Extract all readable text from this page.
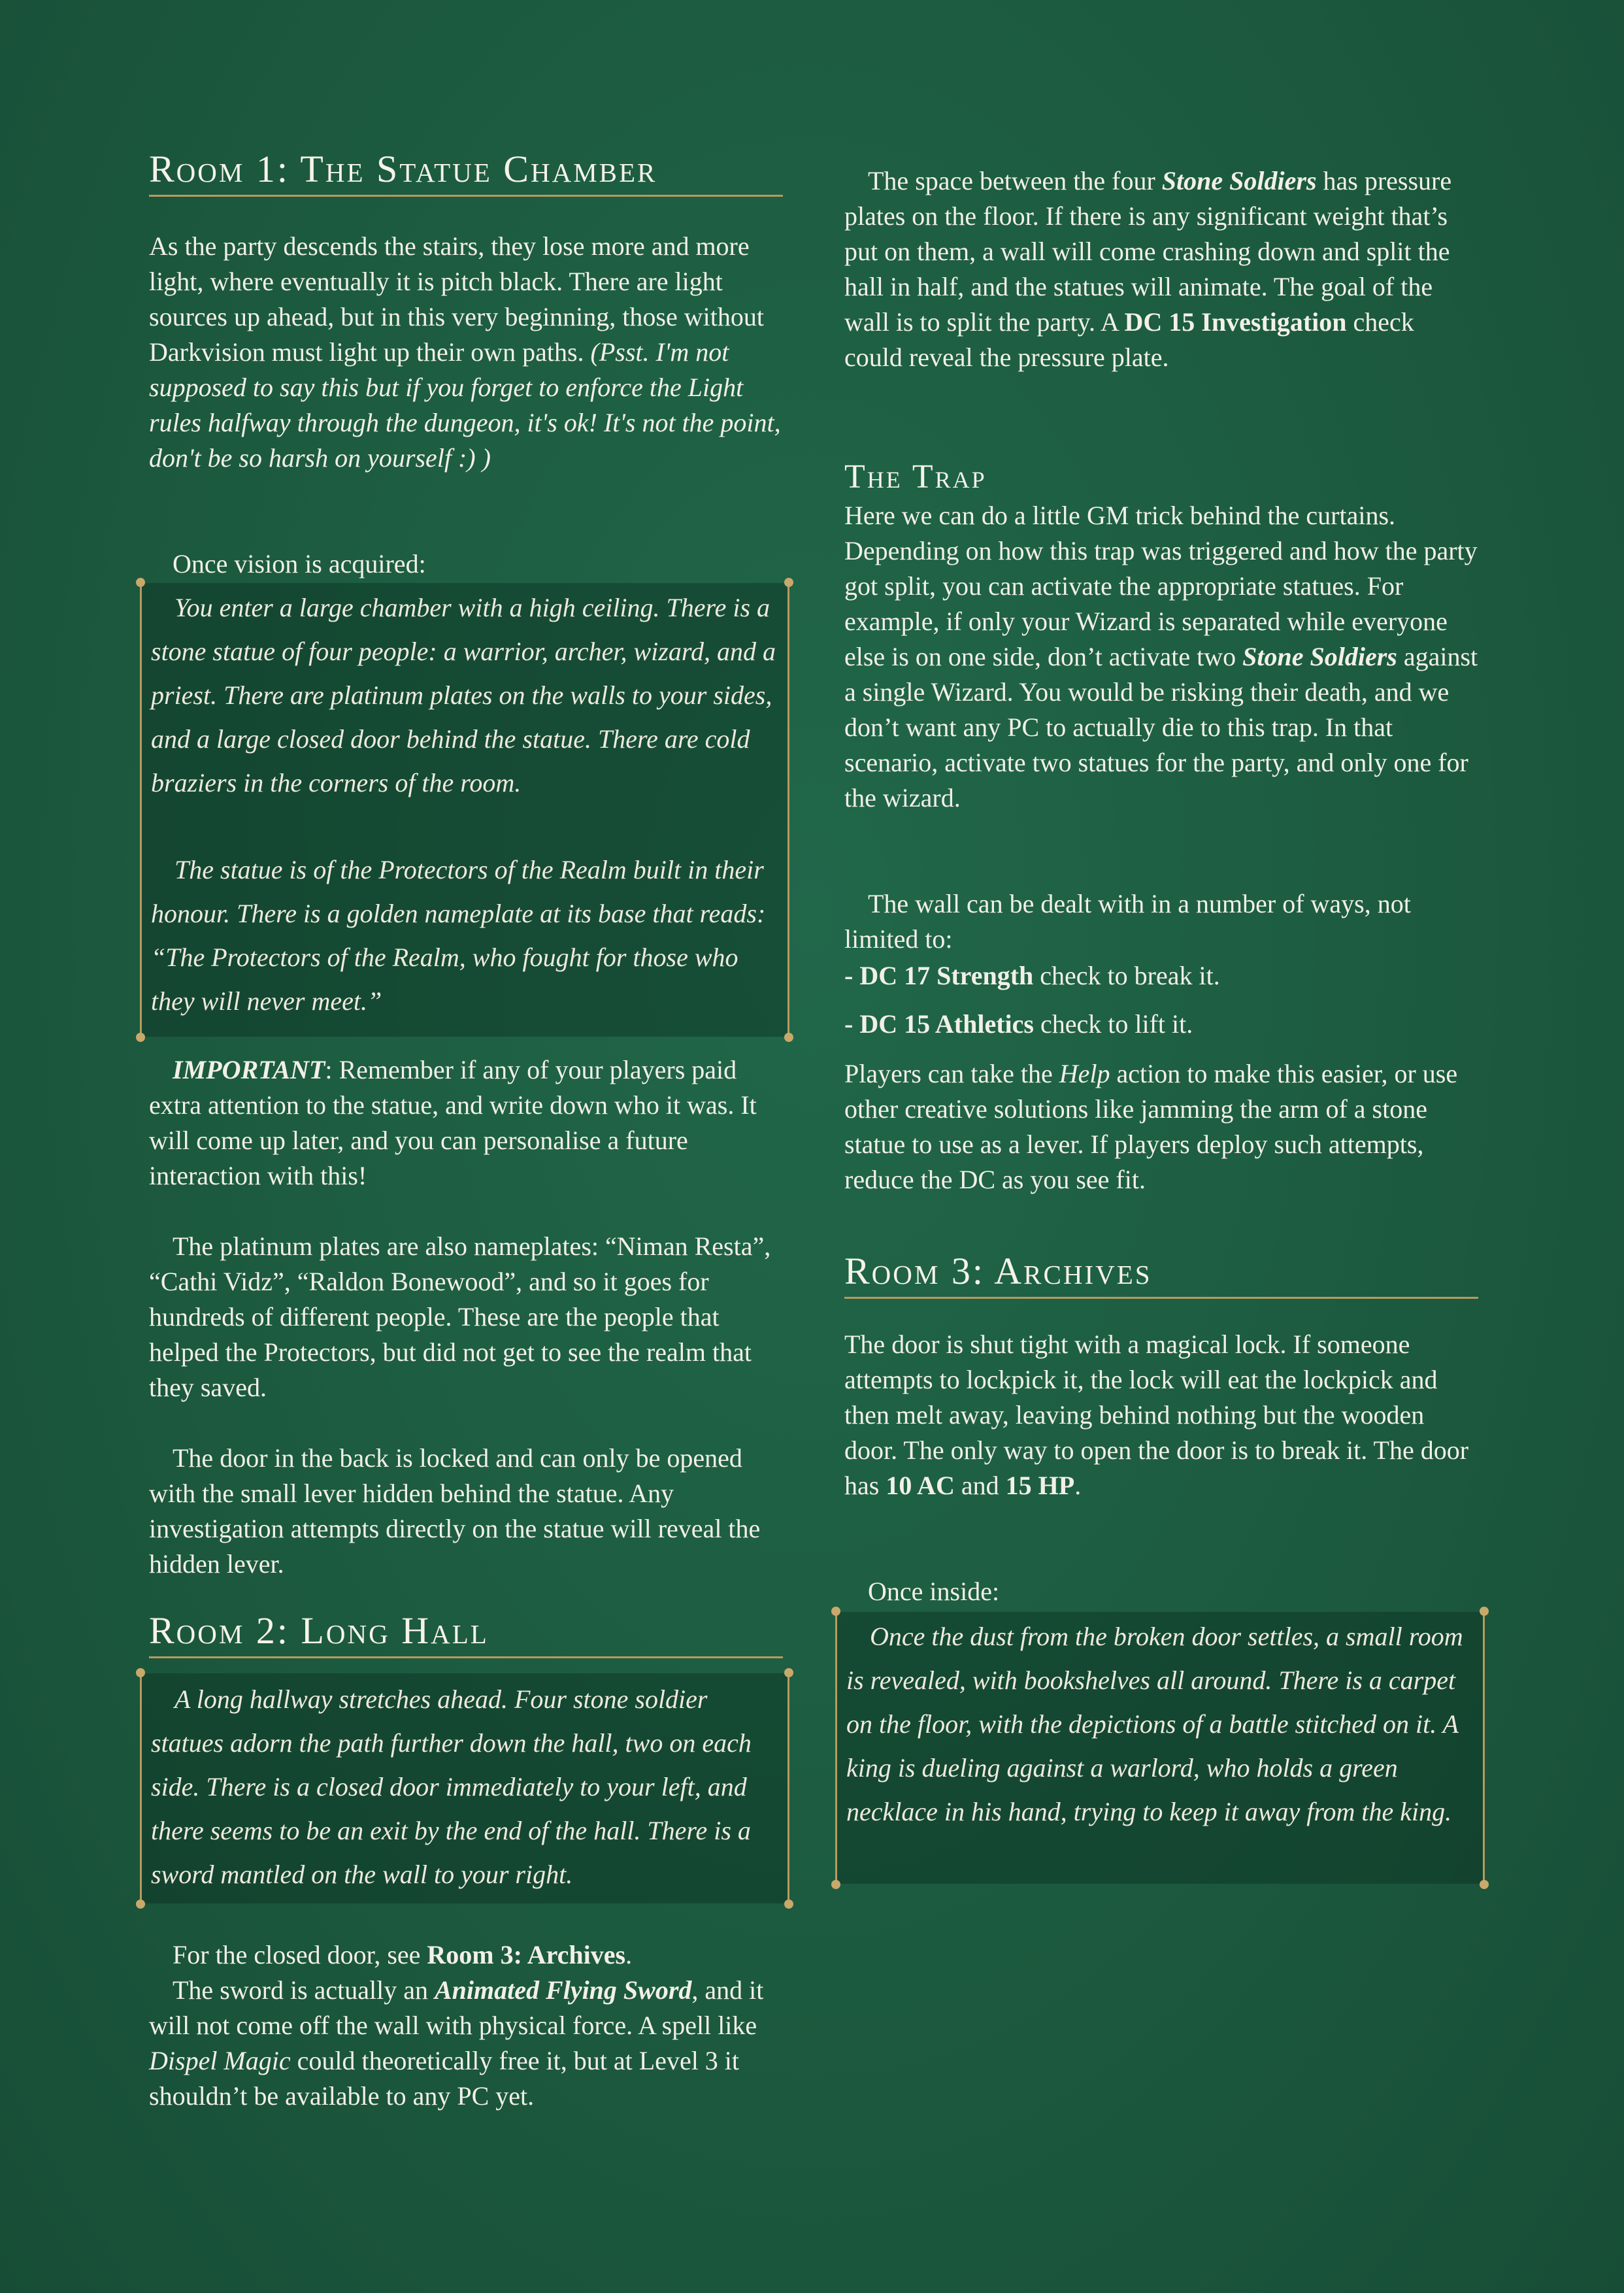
Room 1: The Statue Chamber

As the party descends the stairs, they lose more and more light, where eventually it is pitch black. There are light sources up ahead, but in this very beginning, those without Darkvision must light up their own paths. (Psst. I'm not supposed to say this but if you forget to enforce the Light rules halfway through the dungeon, it's ok! It's not the point, don't be so harsh on yourself :) )

Once vision is acquired:

You enter a large chamber with a high ceiling. There is a stone statue of four people: a warrior, archer, wizard, and a priest. There are platinum plates on the walls to your sides, and a large closed door behind the statue. There are cold braziers in the corners of the room.

The statue is of the Protectors of the Realm built in their honour. There is a golden nameplate at its base that reads: “The Protectors of the Realm, who fought for those who they will never meet.”

IMPORTANT: Remember if any of your players paid extra attention to the statue, and write down who it was. It will come up later, and you can personalise a future interaction with this!

The platinum plates are also nameplates: “Niman Resta”, “Cathi Vidz”, “Raldon Bonewood”, and so it goes for hundreds of different people. These are the people that helped the Protectors, but did not get to see the realm that they saved.

The door in the back is locked and can only be opened with the small lever hidden behind the statue. Any investigation attempts directly on the statue will reveal the hidden lever.

Room 2: Long Hall

A long hallway stretches ahead. Four stone soldier statues adorn the path further down the hall, two on each side. There is a closed door immediately to your left, and there seems to be an exit by the end of the hall. There is a sword mantled on the wall to your right.

For the closed door, see Room 3: Archives.

The sword is actually an Animated Flying Sword, and it will not come off the wall with physical force. A spell like Dispel Magic could theoretically free it, but at Level 3 it shouldn’t be available to any PC yet.

The space between the four Stone Soldiers has pressure plates on the floor. If there is any significant weight that’s put on them, a wall will come crashing down and split the hall in half, and the statues will animate. The goal of the wall is to split the party. A DC 15 Investigation check could reveal the pressure plate.

The Trap

Here we can do a little GM trick behind the curtains. Depending on how this trap was triggered and how the party got split, you can activate the appropriate statues. For example, if only your Wizard is separated while everyone else is on one side, don’t activate two Stone Soldiers against a single Wizard. You would be risking their death, and we don’t want any PC to actually die to this trap. In that scenario, activate two statues for the party, and only one for the wizard.

The wall can be dealt with in a number of ways, not limited to:

- DC 17 Strength check to break it.

- DC 15 Athletics check to lift it.

Players can take the Help action to make this easier, or use other creative solutions like jamming the arm of a stone statue to use as a lever. If players deploy such attempts, reduce the DC as you see fit.

Room 3: Archives

The door is shut tight with a magical lock. If someone attempts to lockpick it, the lock will eat the lockpick and then melt away, leaving behind nothing but the wooden door. The only way to open the door is to break it. The door has 10 AC and 15 HP.

Once inside:

Once the dust from the broken door settles, a small room is revealed, with bookshelves all around. There is a carpet on the floor, with the depictions of a battle stitched on it. A king is dueling against a warlord, who holds a green necklace in his hand, trying to keep it away from the king.
